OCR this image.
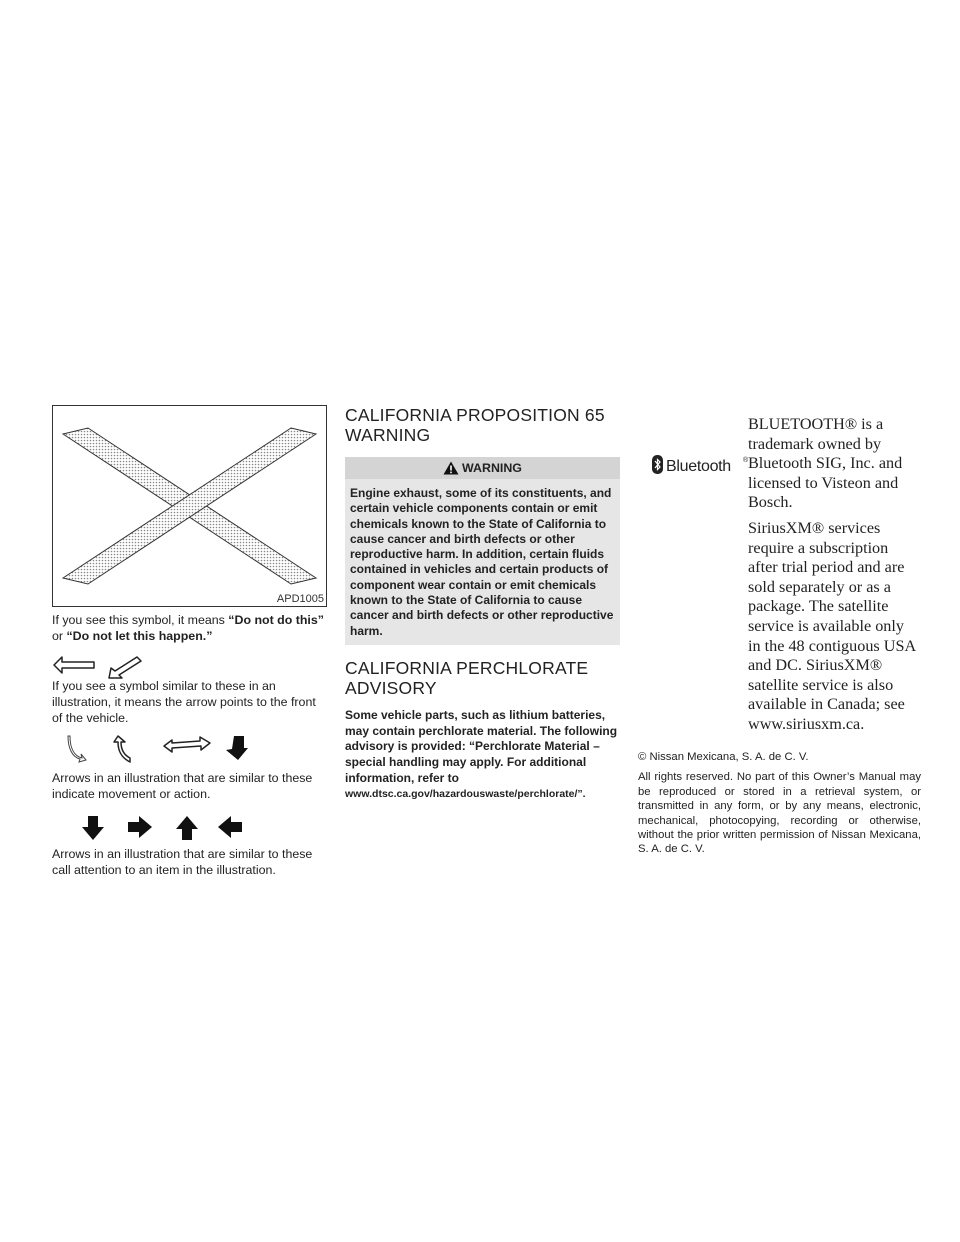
APD1005

If you see this symbol, it means “Do not do this”
or “Do not let this happen.”

If you see a symbol similar to these in an illustration, it means the arrow points to the front of the vehicle.

Arrows in an illustration that are similar to these indicate movement or action.

Arrows in an illustration that are similar to these call attention to an item in the illustration.

CALIFORNIA PROPOSITION 65 WARNING
WARNING
Engine exhaust, some of its constituents, and certain vehicle components contain or emit chemicals known to the State of California to cause cancer and birth defects or other reproductive harm. In addition, certain fluids contained in vehicles and certain products of component wear contain or emit chemicals known to the State of California to cause cancer and birth defects or other reproductive harm.
CALIFORNIA PERCHLORATE ADVISORY

Some vehicle parts, such as lithium batteries, may contain perchlorate material. The following advisory is provided: “Perchlorate Material – special handling may apply. For additional information, refer to www.dtsc.ca.gov/hazardouswaste/perchlorate/”.

Bluetooth ®
BLUETOOTH® is a trademark owned by Bluetooth SIG, Inc. and licensed to Visteon and Bosch.
SiriusXM® services require a subscription after trial period and are sold separately or as a package. The satellite service is available only in the 48 contiguous USA and DC. SiriusXM® satellite service is also available in Canada; see www.siriusxm.ca.

© Nissan Mexicana, S. A. de C. V.

All rights reserved. No part of this Owner’s Manual may be reproduced or stored in a retrieval system, or transmitted in any form, or by any means, electronic, mechanical, photocopying, recording or otherwise, without the prior written permission of Nissan Mexicana, S. A. de C. V.
